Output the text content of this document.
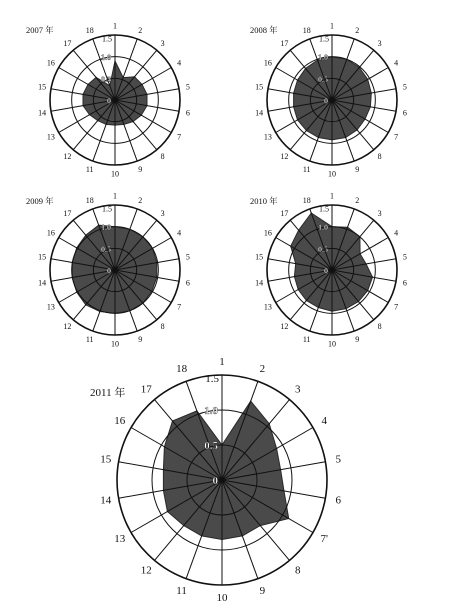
1	2
3
4
5
6
7
8
9
10
11
12
13
14
15
16
17
18
1.5
1.0
0.5
0
2007 年	1	2
3
4
5
6
7
8
9
10
11
12
13
14
15
16
17
18
1.5
1.0
0.5
0
2008 年
1	2
3
4
5
6
7
8
9
10
11
12
13
14
15
16
17
18
1.5
1.0
0.5
0
2009 年	1	2
3
4
5
6
7
8
9
10
11
12
13
14
15
16
17
18
1.5
1.0
0.5
0
2010 年
1
2
3
4
5
6
7'
8
9
10
11
12
13
14
15
16
17
18
1.5
1.0
0.5
0
2011 年
